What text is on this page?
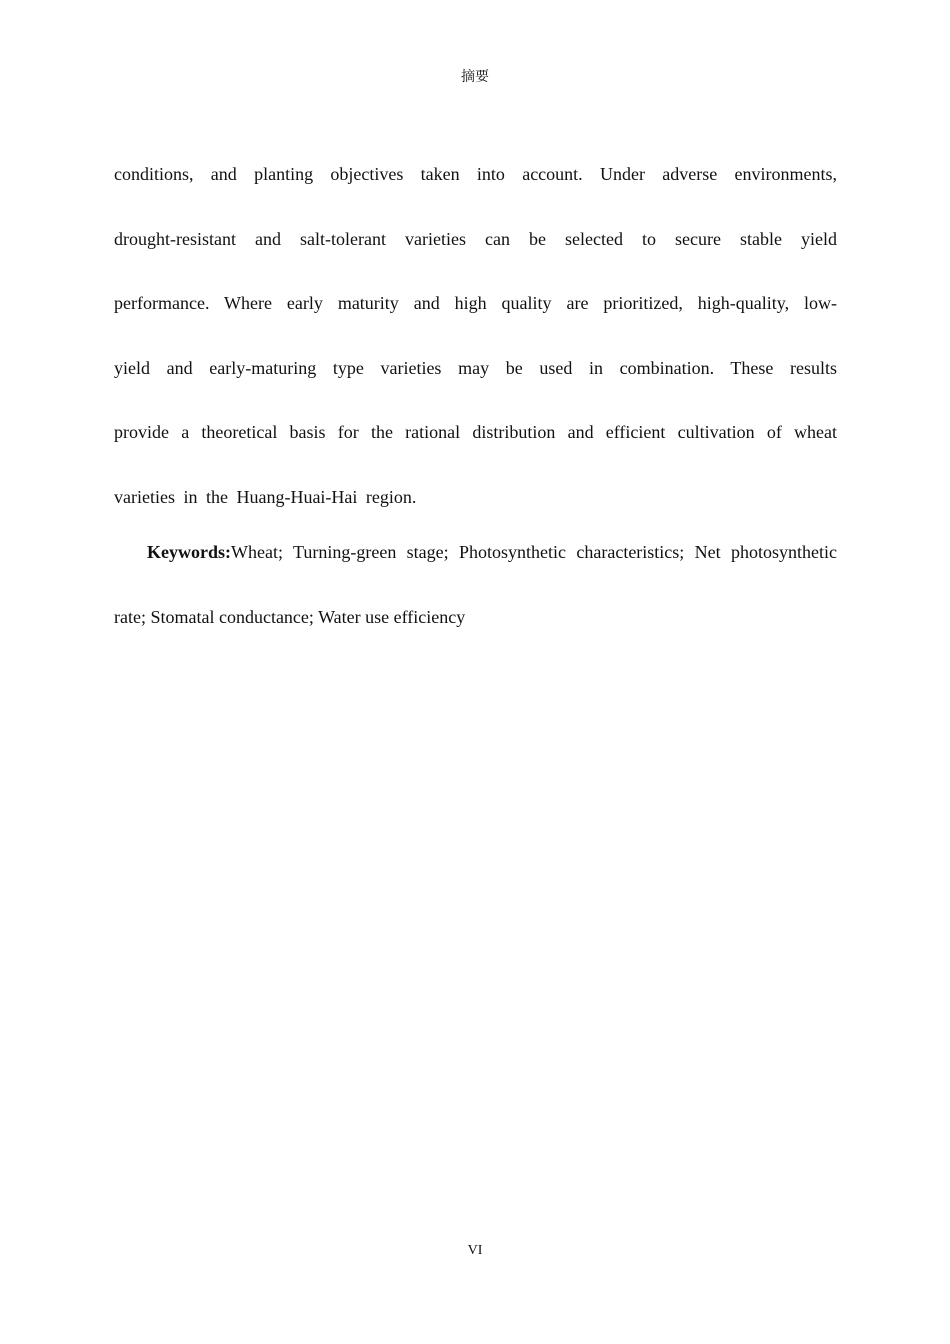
摘要
conditions, and planting objectives taken into account. Under adverse environments,
drought-resistant and salt-tolerant varieties can be selected to secure stable yield
performance. Where early maturity and high quality are prioritized, high-quality, low-
yield and early-maturing type varieties may be used in combination. These results
provide a theoretical basis for the rational distribution and efficient cultivation of wheat
varieties in the Huang-Huai-Hai region.
Keywords:Wheat; Turning-green stage; Photosynthetic characteristics; Net photosynthetic
rate; Stomatal conductance; Water use efficiency
VI
